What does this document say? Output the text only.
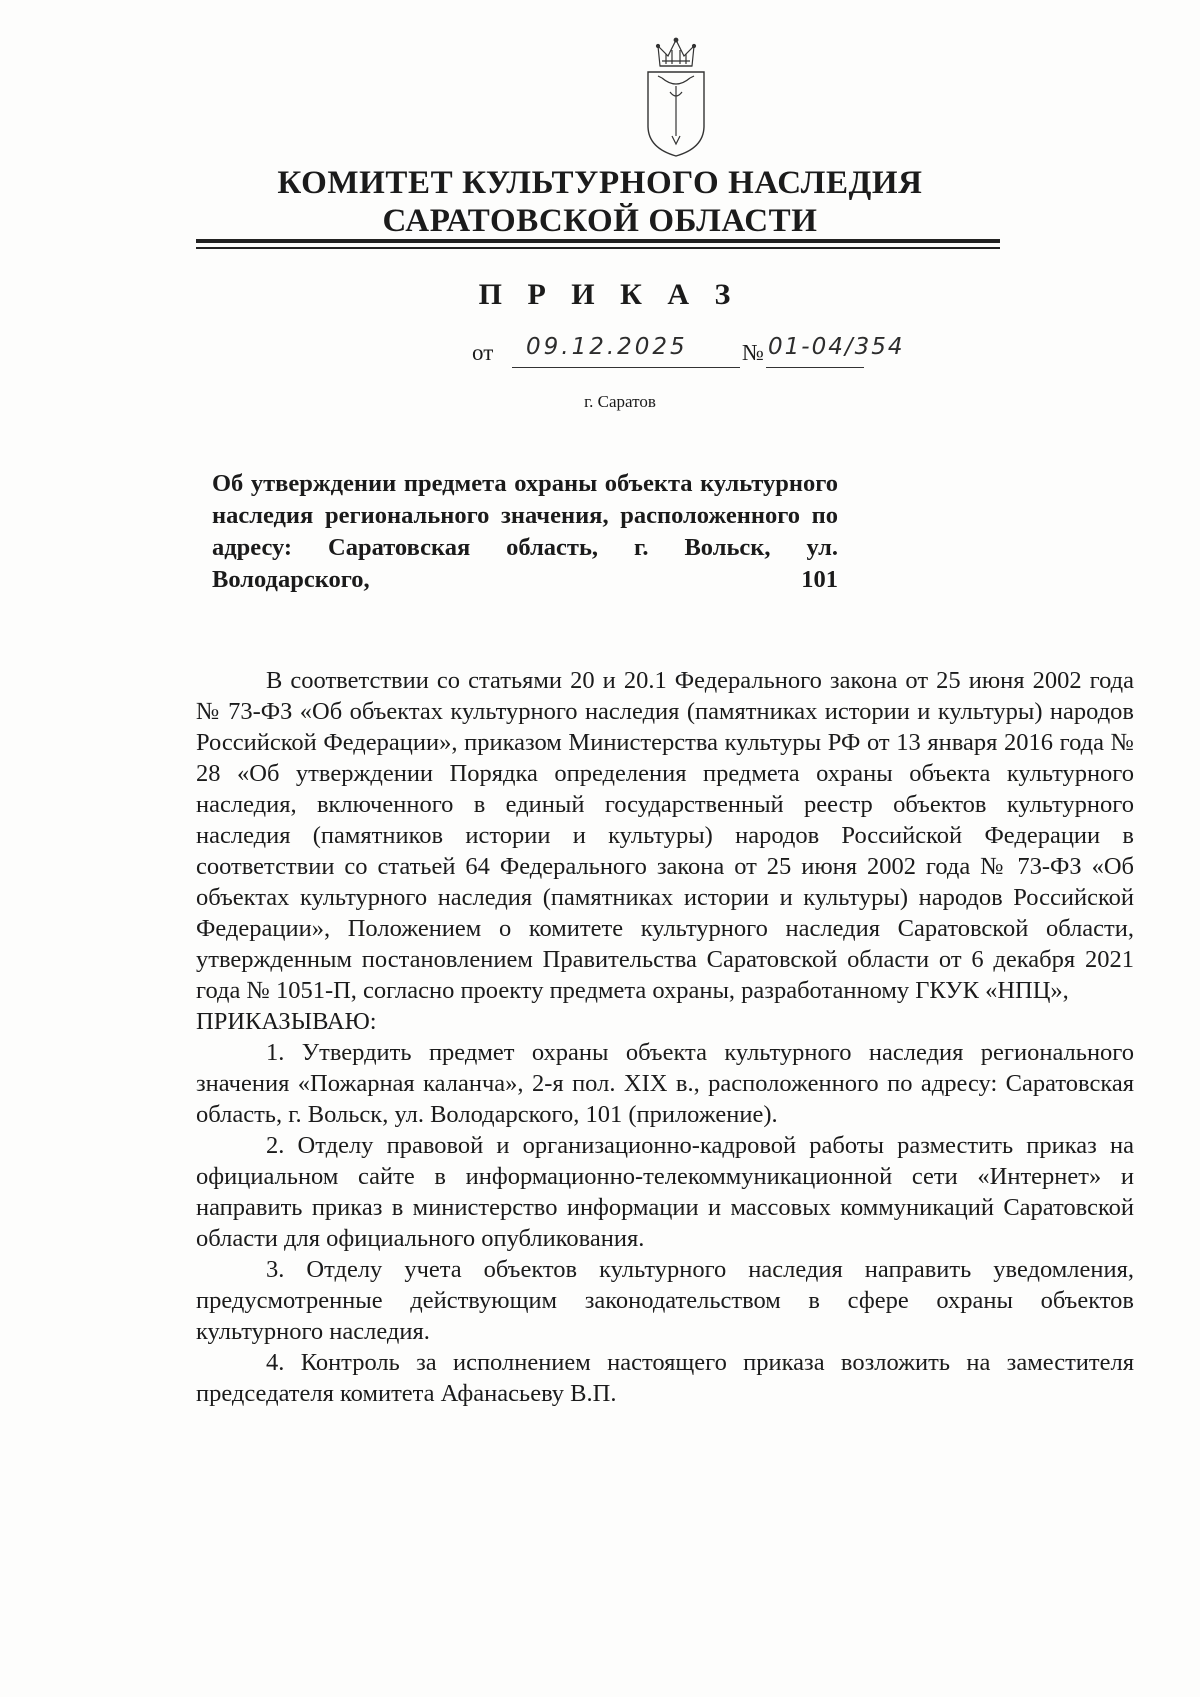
КОМИТЕТ КУЛЬТУРНОГО НАСЛЕДИЯ
САРАТОВСКОЙ ОБЛАСТИ
П Р И К А З
от 09.12.2025 № 01-04/354
г. Саратов
Об утверждении предмета охраны объекта культурного наследия регионального значения, расположенного по адресу: Саратовская область, г. Вольск, ул. Володарского, 101

В соответствии со статьями 20 и 20.1 Федерального закона от 25 июня 2002 года № 73-ФЗ «Об объектах культурного наследия (памятниках истории и культуры) народов Российской Федерации», приказом Министерства культуры РФ от 13 января 2016 года № 28 «Об утверждении Порядка определения предмета охраны объекта культурного наследия, включенного в единый государственный реестр объектов культурного наследия (памятников истории и культуры) народов Российской Федерации в соответствии со статьей 64 Федерального закона от 25 июня 2002 года № 73-ФЗ «Об объектах культурного наследия (памятниках истории и культуры) народов Российской Федерации», Положением о комитете культурного наследия Саратовской области, утвержденным постановлением Правительства Саратовской области от 6 декабря 2021 года № 1051-П, согласно проекту предмета охраны, разработанному ГКУК «НПЦ»,

ПРИКАЗЫВАЮ:

1. Утвердить предмет охраны объекта культурного наследия регионального значения «Пожарная каланча», 2-я пол. XIX в., расположенного по адресу: Саратовская область, г. Вольск, ул. Володарского, 101 (приложение).

2. Отделу правовой и организационно-кадровой работы разместить приказ на официальном сайте в информационно-телекоммуникационной сети «Интернет» и направить приказ в министерство информации и массовых коммуникаций Саратовской области для официального опубликования.

3. Отделу учета объектов культурного наследия направить уведомления, предусмотренные действующим законодательством в сфере охраны объектов культурного наследия.

4. Контроль за исполнением настоящего приказа возложить на заместителя председателя комитета Афанасьеву В.П.
